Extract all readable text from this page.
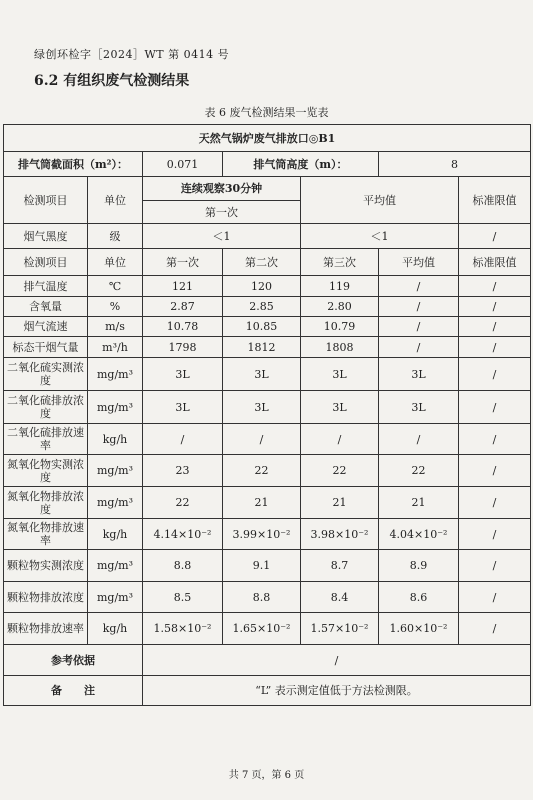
绿创环检字［2024］WT 第 0414 号
6.2 有组织废气检测结果
表 6 废气检测结果一览表
天然气锅炉废气排放口◎B1						
排气筒截面积（m²）：		0.071	排气筒高度（m）：		8	
检测项目	单位	连续观察30分钟		平均值		标准限值
		第一次				
烟气黑度	级	＜1		＜1		/
检测项目	单位	第一次	第二次	第三次	平均值	标准限值
排气温度	℃	121	120	119	/	/
含氧量	%	2.87	2.85	2.80	/	/
烟气流速	m/s	10.78	10.85	10.79	/	/
标态干烟气量	m³/h	1798	1812	1808	/	/
二氧化硫实测浓度	mg/m³	3L	3L	3L	3L	/
二氧化硫排放浓度	mg/m³	3L	3L	3L	3L	/
二氧化硫排放速率	kg/h	/	/	/	/	/
氮氧化物实测浓度	mg/m³	23	22	22	22	/
氮氧化物排放浓度	mg/m³	22	21	21	21	/
氮氧化物排放速率	kg/h	4.14×10⁻²	3.99×10⁻²	3.98×10⁻²	4.04×10⁻²	/
颗粒物实测浓度	mg/m³	8.8	9.1	8.7	8.9	/
颗粒物排放浓度	mg/m³	8.5	8.8	8.4	8.6	/
颗粒物排放速率	kg/h	1.58×10⁻²	1.65×10⁻²	1.57×10⁻²	1.60×10⁻²	/
参考依据		/				
备　　注		“L” 表示测定值低于方法检测限。				
共 7 页，第 6 页
